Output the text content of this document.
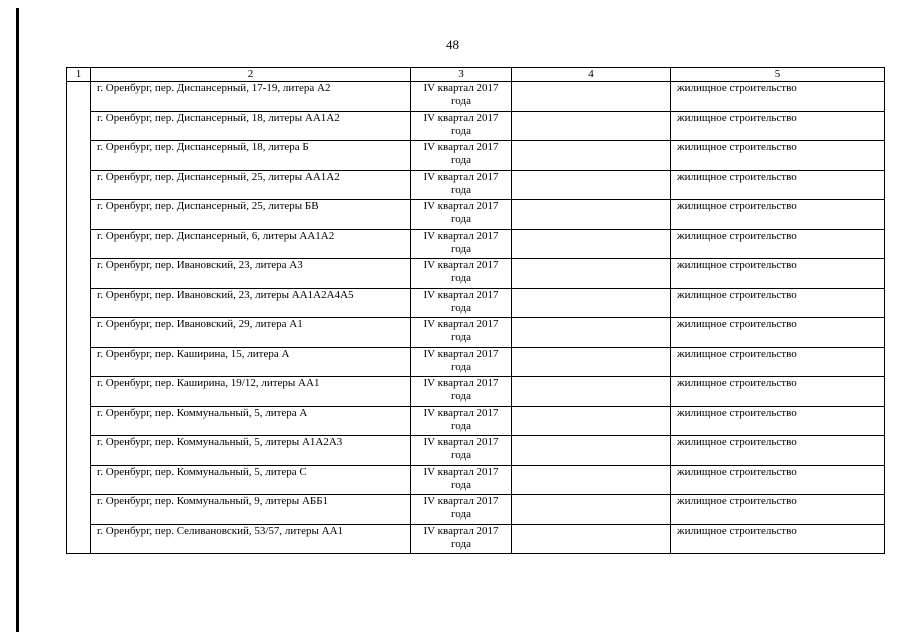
48
1	2	3	4	5
	г. Оренбург, пер. Диспансерный, 17-19, литера А2	IV квартал 2017 года		жилищное строительство
	г. Оренбург, пер. Диспансерный, 18, литеры АА1А2	IV квартал 2017 года		жилищное строительство
	г. Оренбург, пер. Диспансерный, 18, литера Б	IV квартал 2017 года		жилищное строительство
	г. Оренбург, пер. Диспансерный, 25, литеры АА1А2	IV квартал 2017 года		жилищное строительство
	г. Оренбург, пер. Диспансерный, 25, литеры БВ	IV квартал 2017 года		жилищное строительство
	г. Оренбург, пер. Диспансерный, 6, литеры АА1А2	IV квартал 2017 года		жилищное строительство
	г. Оренбург, пер. Ивановский, 23, литера А3	IV квартал 2017 года		жилищное строительство
	г. Оренбург, пер. Ивановский, 23, литеры АА1А2А4А5	IV квартал 2017 года		жилищное строительство
	г. Оренбург, пер. Ивановский, 29, литера А1	IV квартал 2017 года		жилищное строительство
	г. Оренбург, пер. Каширина, 15, литера А	IV квартал 2017 года		жилищное строительство
	г. Оренбург, пер. Каширина, 19/12, литеры АА1	IV квартал 2017 года		жилищное строительство
	г. Оренбург, пер. Коммунальный, 5, литера А	IV квартал 2017 года		жилищное строительство
	г. Оренбург, пер. Коммунальный, 5, литеры А1А2А3	IV квартал 2017 года		жилищное строительство
	г. Оренбург, пер. Коммунальный, 5, литера С	IV квартал 2017 года		жилищное строительство
	г. Оренбург, пер. Коммунальный, 9, литеры АББ1	IV квартал 2017 года		жилищное строительство
	г. Оренбург, пер. Селивановский, 53/57, литеры АА1	IV квартал 2017 года		жилищное строительство
